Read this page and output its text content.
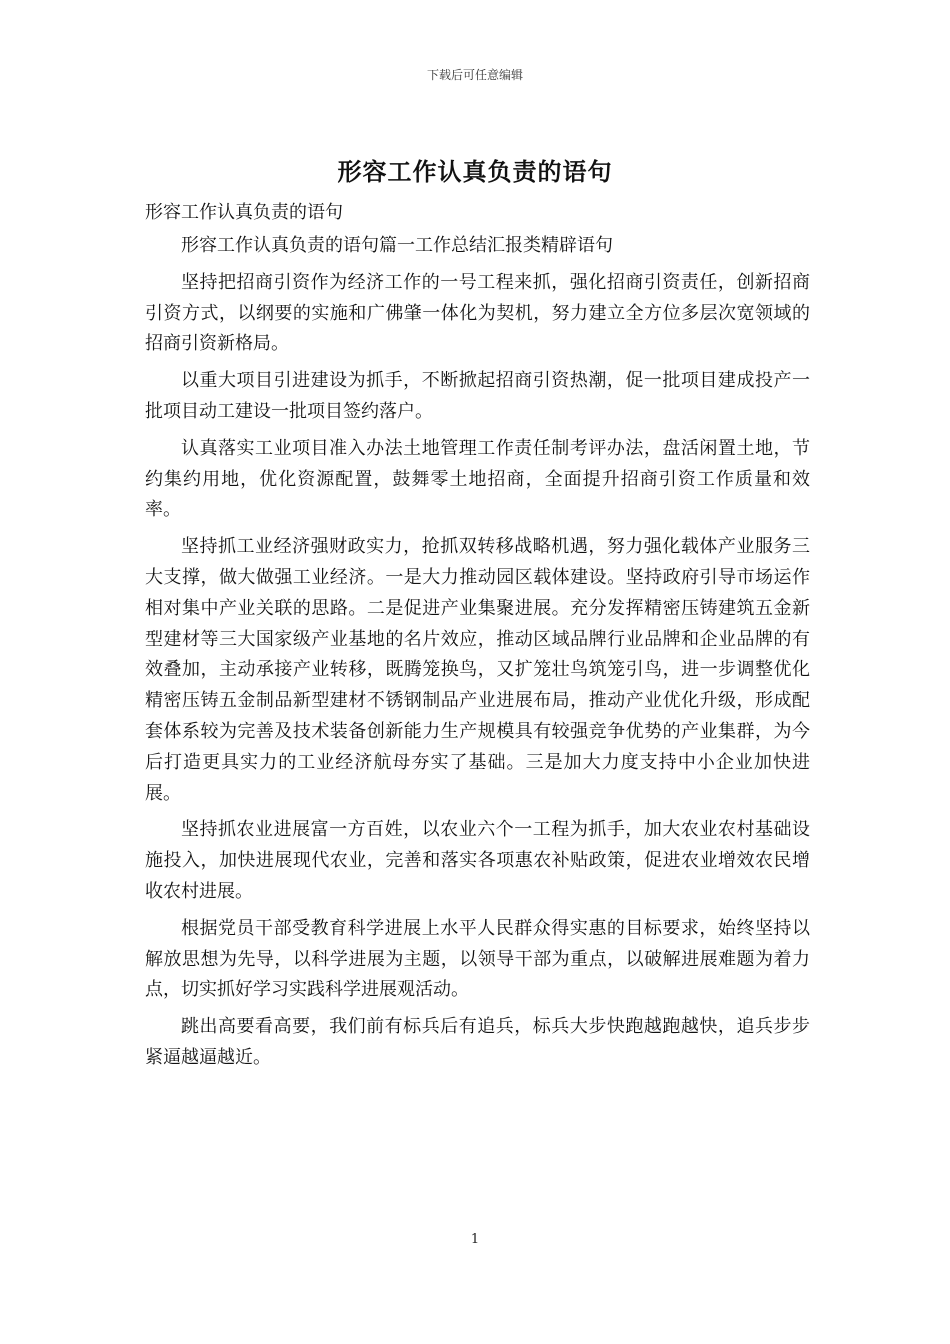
下载后可任意编辑
形容工作认真负责的语句

形容工作认真负责的语句

形容工作认真负责的语句篇一工作总结汇报类精辟语句

坚持把招商引资作为经济工作的一号工程来抓，强化招商引资责任，创新招商引资方式，以纲要的实施和广佛肇一体化为契机，努力建立全方位多层次宽领域的招商引资新格局。

以重大项目引进建设为抓手，不断掀起招商引资热潮，促一批项目建成投产一批项目动工建设一批项目签约落户。

认真落实工业项目准入办法土地管理工作责任制考评办法，盘活闲置土地，节约集约用地，优化资源配置，鼓舞零土地招商，全面提升招商引资工作质量和效率。

坚持抓工业经济强财政实力，抢抓双转移战略机遇，努力强化载体产业服务三大支撑，做大做强工业经济。一是大力推动园区载体建设。坚持政府引导市场运作相对集中产业关联的思路。二是促进产业集聚进展。充分发挥精密压铸建筑五金新型建材等三大国家级产业基地的名片效应，推动区域品牌行业品牌和企业品牌的有效叠加，主动承接产业转移，既腾笼换鸟，又扩笼壮鸟筑笼引鸟，进一步调整优化精密压铸五金制品新型建材不锈钢制品产业进展布局，推动产业优化升级，形成配套体系较为完善及技术装备创新能力生产规模具有较强竞争优势的产业集群，为今后打造更具实力的工业经济航母夯实了基础。三是加大力度支持中小企业加快进展。

坚持抓农业进展富一方百姓，以农业六个一工程为抓手，加大农业农村基础设施投入，加快进展现代农业，完善和落实各项惠农补贴政策，促进农业增效农民增收农村进展。

根据党员干部受教育科学进展上水平人民群众得实惠的目标要求，始终坚持以解放思想为先导，以科学进展为主题，以领导干部为重点，以破解进展难题为着力点，切实抓好学习实践科学进展观活动。

跳出高要看高要，我们前有标兵后有追兵，标兵大步快跑越跑越快，追兵步步紧逼越逼越近。

1
